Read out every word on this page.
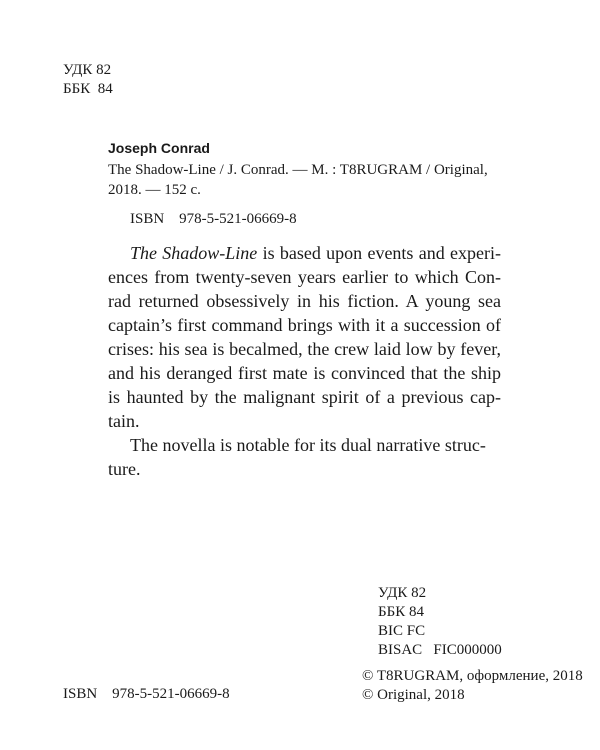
УДК 82
ББК  84
Joseph Conrad
The Shadow-Line / J. Conrad. — M. : T8RUGRAM / Original,
2018. — 152 c.
ISBN    978-5-521-06669-8

The Shadow-Line is based upon events and experiences from twenty-seven years earlier to which Conrad returned obsessively in his fiction. A young sea captain’s first command brings with it a succession of crises: his sea is becalmed, the crew laid low by fever, and his deranged first mate is convinced that the ship is haunted by the malignant spirit of a previous captain.

The novella is notable for its dual narrative structure.

УДК 82
ББК 84
BIC FC
BISAC   FIC000000
© T8RUGRAM, оформление, 2018
© Original, 2018
ISBN    978-5-521-06669-8
